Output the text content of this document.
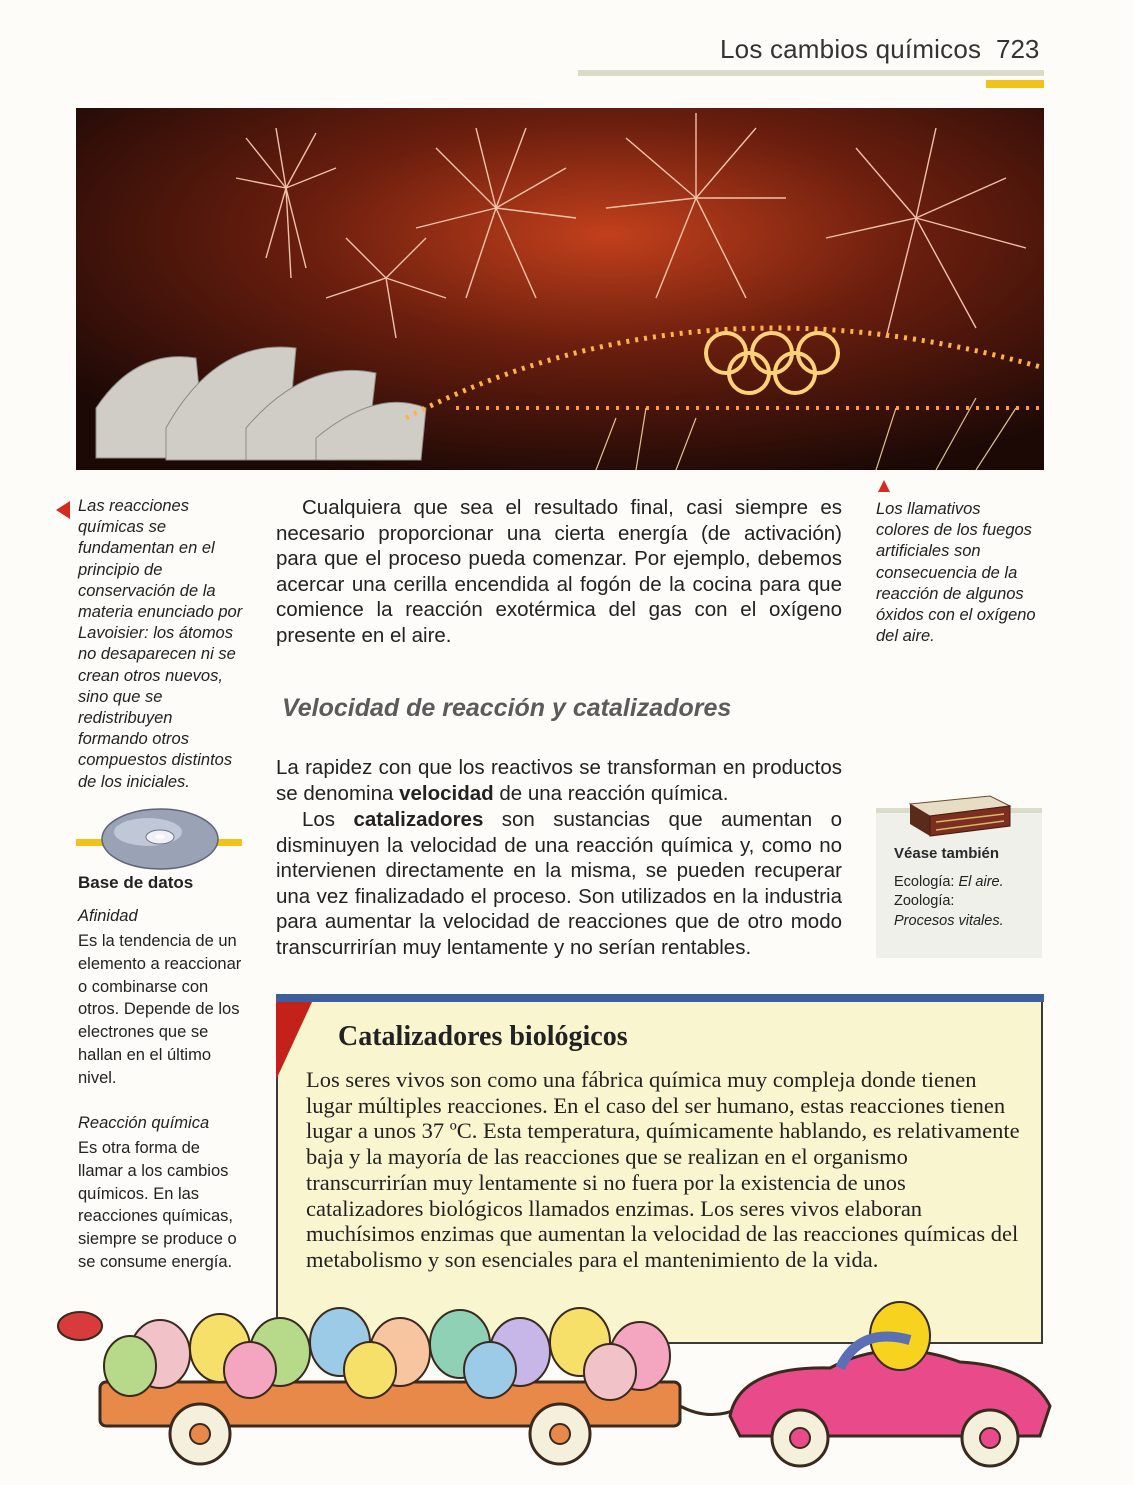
Los cambios químicos 723
Las reacciones químicas se fundamentan en el principio de conservación de la materia enunciado por Lavoisier: los átomos no desaparecen ni se crean otros nuevos, sino que se redistribuyen formando otros compuestos distintos de los iniciales.
Cualquiera que sea el resultado final, casi siempre es necesario proporcionar una cierta energía (de activación) para que el proceso pueda comenzar. Por ejemplo, debemos acercar una cerilla encendida al fogón de la cocina para que comience la reacción exotérmica del gas con el oxígeno presente en el aire.
Los llamativos colores de los fuegos artificiales son consecuencia de la reacción de algunos óxidos con el oxígeno del aire.
Velocidad de reacción y catalizadores
La rapidez con que los reactivos se transforman en productos se denomina velocidad de una reacción química.
Los catalizadores son sustancias que aumentan o disminuyen la velocidad de una reacción química y, como no intervienen directamente en la misma, se pueden recuperar una vez finalizadado el proceso. Son utilizados en la industria para aumentar la velocidad de reacciones que de otro modo transcurrirían muy lentamente y no serían rentables.
Base de datos
Afinidad
Es la tendencia de un elemento a reaccionar o combinarse con otros. Depende de los electrones que se hallan en el último nivel.
Reacción química
Es otra forma de llamar a los cambios químicos. En las reacciones químicas, siempre se produce o se consume energía.
Véase también
Ecología: El aire.
Zoología:
Procesos vitales.
Catalizadores biológicos
Los seres vivos son como una fábrica química muy compleja donde tienen lugar múltiples reacciones. En el caso del ser humano, estas reacciones tienen lugar a unos 37 ºC. Esta temperatura, químicamente hablando, es relativamente baja y la mayoría de las reacciones que se realizan en el organismo transcurrirían muy lentamente si no fuera por la existencia de unos catalizadores biológicos llamados enzimas. Los seres vivos elaboran muchísimos enzimas que aumentan la velocidad de las reacciones químicas del metabolismo y son esenciales para el mantenimiento de la vida.
